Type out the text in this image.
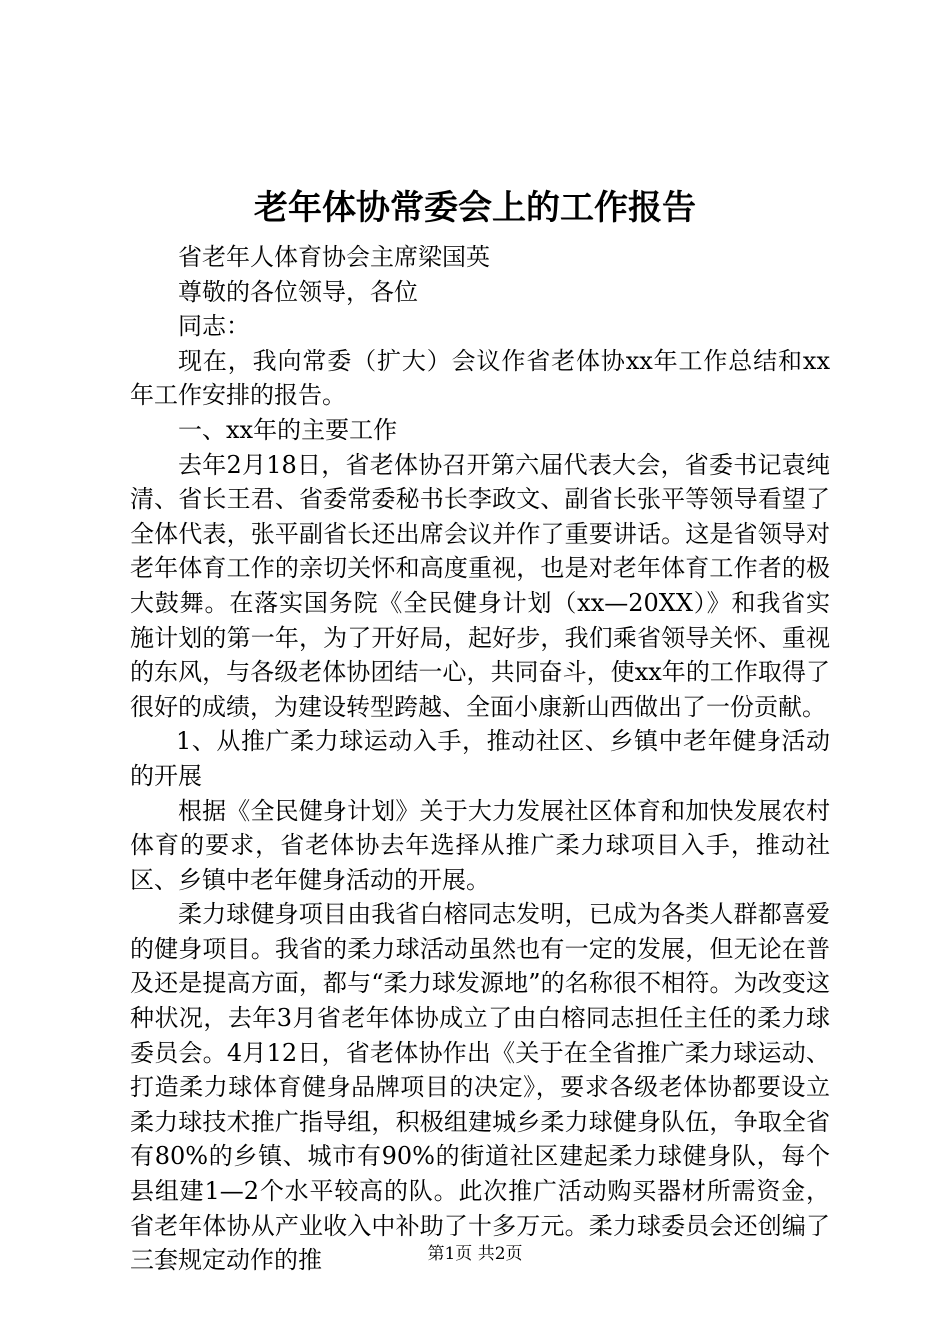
老年体协常委会上的工作报告

省老年人体育协会主席梁国英

尊敬的各位领导，各位

同志：

现在，我向常委（扩大）会议作省老体协xx年工作总结和xx年工作安排的报告。

一、xx年的主要工作

去年2月18日，省老体协召开第六届代表大会，省委书记袁纯清、省长王君、省委常委秘书长李政文、副省长张平等领导看望了全体代表，张平副省长还出席会议并作了重要讲话。这是省领导对老年体育工作的亲切关怀和高度重视，也是对老年体育工作者的极大鼓舞。在落实国务院《全民健身计划（xx—20XX）》和我省实施计划的第一年，为了开好局，起好步，我们乘省领导关怀、重视的东风，与各级老体协团结一心，共同奋斗，使xx年的工作取得了很好的成绩，为建设转型跨越、全面小康新山西做出了一份贡献。

1、从推广柔力球运动入手，推动社区、乡镇中老年健身活动的开展

根据《全民健身计划》关于大力发展社区体育和加快发展农村体育的要求，省老体协去年选择从推广柔力球项目入手，推动社区、乡镇中老年健身活动的开展。

柔力球健身项目由我省白榕同志发明，已成为各类人群都喜爱的健身项目。我省的柔力球活动虽然也有一定的发展，但无论在普及还是提高方面，都与“柔力球发源地”的名称很不相符。为改变这种状况，去年3月省老年体协成立了由白榕同志担任主任的柔力球委员会。4月12日，省老体协作出《关于在全省推广柔力球运动、打造柔力球体育健身品牌项目的决定》，要求各级老体协都要设立柔力球技术推广指导组，积极组建城乡柔力球健身队伍，争取全省有80%的乡镇、城市有90%的街道社区建起柔力球健身队，每个县组建1—2个水平较高的队。此次推广活动购买器材所需资金，省老年体协从产业收入中补助了十多万元。柔力球委员会还创编了三套规定动作的推	第1页 共2页
